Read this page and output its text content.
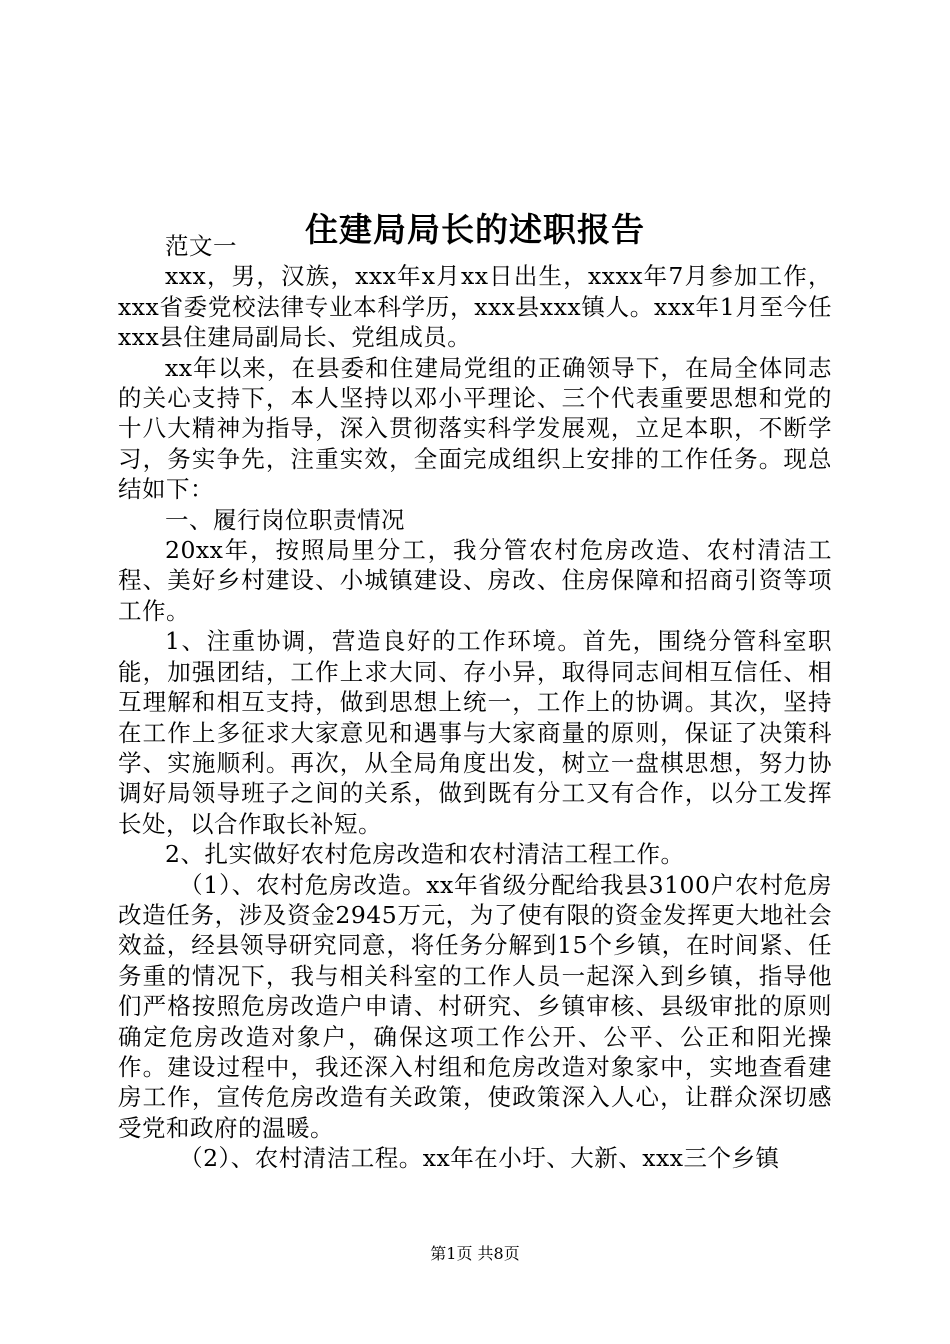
住建局局长的述职报告

范文一

xxx，男，汉族，xxx年x月xx日出生，xxxx年7月参加工作，xxx省委党校法律专业本科学历，xxx县xxx镇人。xxx年1月至今任xxx县住建局副局长、党组成员。

xx年以来，在县委和住建局党组的正确领导下，在局全体同志的关心支持下，本人坚持以邓小平理论、三个代表重要思想和党的十八大精神为指导，深入贯彻落实科学发展观，立足本职，不断学习，务实争先，注重实效，全面完成组织上安排的工作任务。现总结如下：

一、履行岗位职责情况

20xx年，按照局里分工，我分管农村危房改造、农村清洁工程、美好乡村建设、小城镇建设、房改、住房保障和招商引资等项工作。

1、注重协调，营造良好的工作环境。首先，围绕分管科室职能，加强团结，工作上求大同、存小异，取得同志间相互信任、相互理解和相互支持，做到思想上统一，工作上的协调。其次，坚持在工作上多征求大家意见和遇事与大家商量的原则，保证了决策科学、实施顺利。再次，从全局角度出发，树立一盘棋思想，努力协调好局领导班子之间的关系，做到既有分工又有合作，以分工发挥长处，以合作取长补短。

2、扎实做好农村危房改造和农村清洁工程工作。

（1）、农村危房改造。xx年省级分配给我县3100户农村危房改造任务，涉及资金2945万元，为了使有限的资金发挥更大地社会效益，经县领导研究同意，将任务分解到15个乡镇，在时间紧、任务重的情况下，我与相关科室的工作人员一起深入到乡镇，指导他们严格按照危房改造户申请、村研究、乡镇审核、县级审批的原则确定危房改造对象户，确保这项工作公开、公平、公正和阳光操作。建设过程中，我还深入村组和危房改造对象家中，实地查看建房工作，宣传危房改造有关政策，使政策深入人心，让群众深切感受党和政府的温暖。

（2）、农村清洁工程。xx年在小圩、大新、xxx三个乡镇

第1页 共8页
